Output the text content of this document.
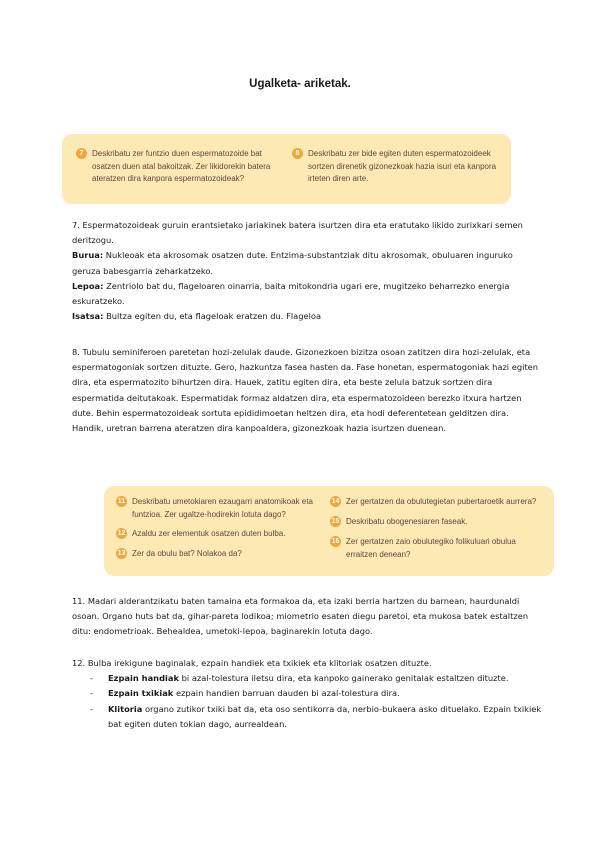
Ugalketa- ariketak.
7	Deskribatu zer funtzio duen espermatozoide bat osatzen duen atal bakoitzak. Zer likidorekin batera ateratzen dira kanpora espermatozoideak?
8	Deskribatu zer bide egiten duten espermatozoideek sortzen direnetik gizonezkoak hazia isuri eta kanpora irteten diren arte.

7. Espermatozoideak guruin erantsietako jariakinek batera isurtzen dira eta eratutako likido zurixkari semen deritzogu.

Burua: Nukleoak eta akrosomak osatzen dute. Entzima-substantziak ditu akrosomak, obuluaren inguruko geruza babesgarria zeharkatzeko.

Lepoa: Zentriolo bat du, flageloaren oinarria, baita mitokondria ugari ere, mugitzeko beharrezko energia eskuratzeko.

Isatsa: Bultza egiten du, eta flageloak eratzen du. Flageloa

8. Tubulu seminiferoen paretetan hozi-zelulak daude. Gizonezkoen bizitza osoan zatitzen dira hozi-zelulak, eta espermatogoniak sortzen dituzte. Gero, hazkuntza fasea hasten da. Fase honetan, espermatogoniak hazi egiten dira, eta espermatozito bihurtzen dira. Hauek, zatitu egiten dira, eta beste zelula batzuk sortzen dira espermatida deitutakoak. Espermatidak formaz aldatzen dira, eta espermatozoideen berezko itxura hartzen dute. Behin espermatozoideak sortuta epididimoetan heltzen dira, eta hodi deferentetean gelditzen dira. Handik, uretran barrena ateratzen dira kanpoaldera, gizonezkoak hazia isurtzen duenean.

11 Deskribatu umetokiaren ezaugarri anatomikoak eta funtzioa. Zer ugaltze-hodirekin lotuta dago?
12 Azaldu zer elementuk osatzen duten bulba.
13 Zer da obulu bat? Nolakoa da?
14 Zer gertatzen da obulutegietan pubertaroetik aurrera?
15 Deskribatu obogenesiaren faseak.
16 Zer gertatzen zaio obulutegiko folikuluari obulua erraitzen denean?

11. Madari alderantzikatu baten tamaina eta formakoa da, eta izaki berria hartzen du barnean, haurdunaldi osoan. Organo huts bat da, gihar-pareta lodikoa; miometrio esaten diegu paretoi, eta mukosa batek estaltzen ditu: endometrioak. Behealdea, umetoki-lepoa, baginarekin lotuta dago.

12. Bulba irekigune baginalak, ezpain handiek eta txikiek eta klitoriak osatzen dituzte.

- Ezpain handiak bi azal-tolestura iletsu dira, eta kanpoko gainerako genitalak estaltzen dituzte.
- Ezpain txikiak ezpain handien barruan dauden bi azal-tolestura dira.
- Klitoria organo zutikor txiki bat da, eta oso sentikorra da, nerbio-bukaera asko dituelako. Ezpain txikiek bat egiten duten tokian dago, aurrealdean.
